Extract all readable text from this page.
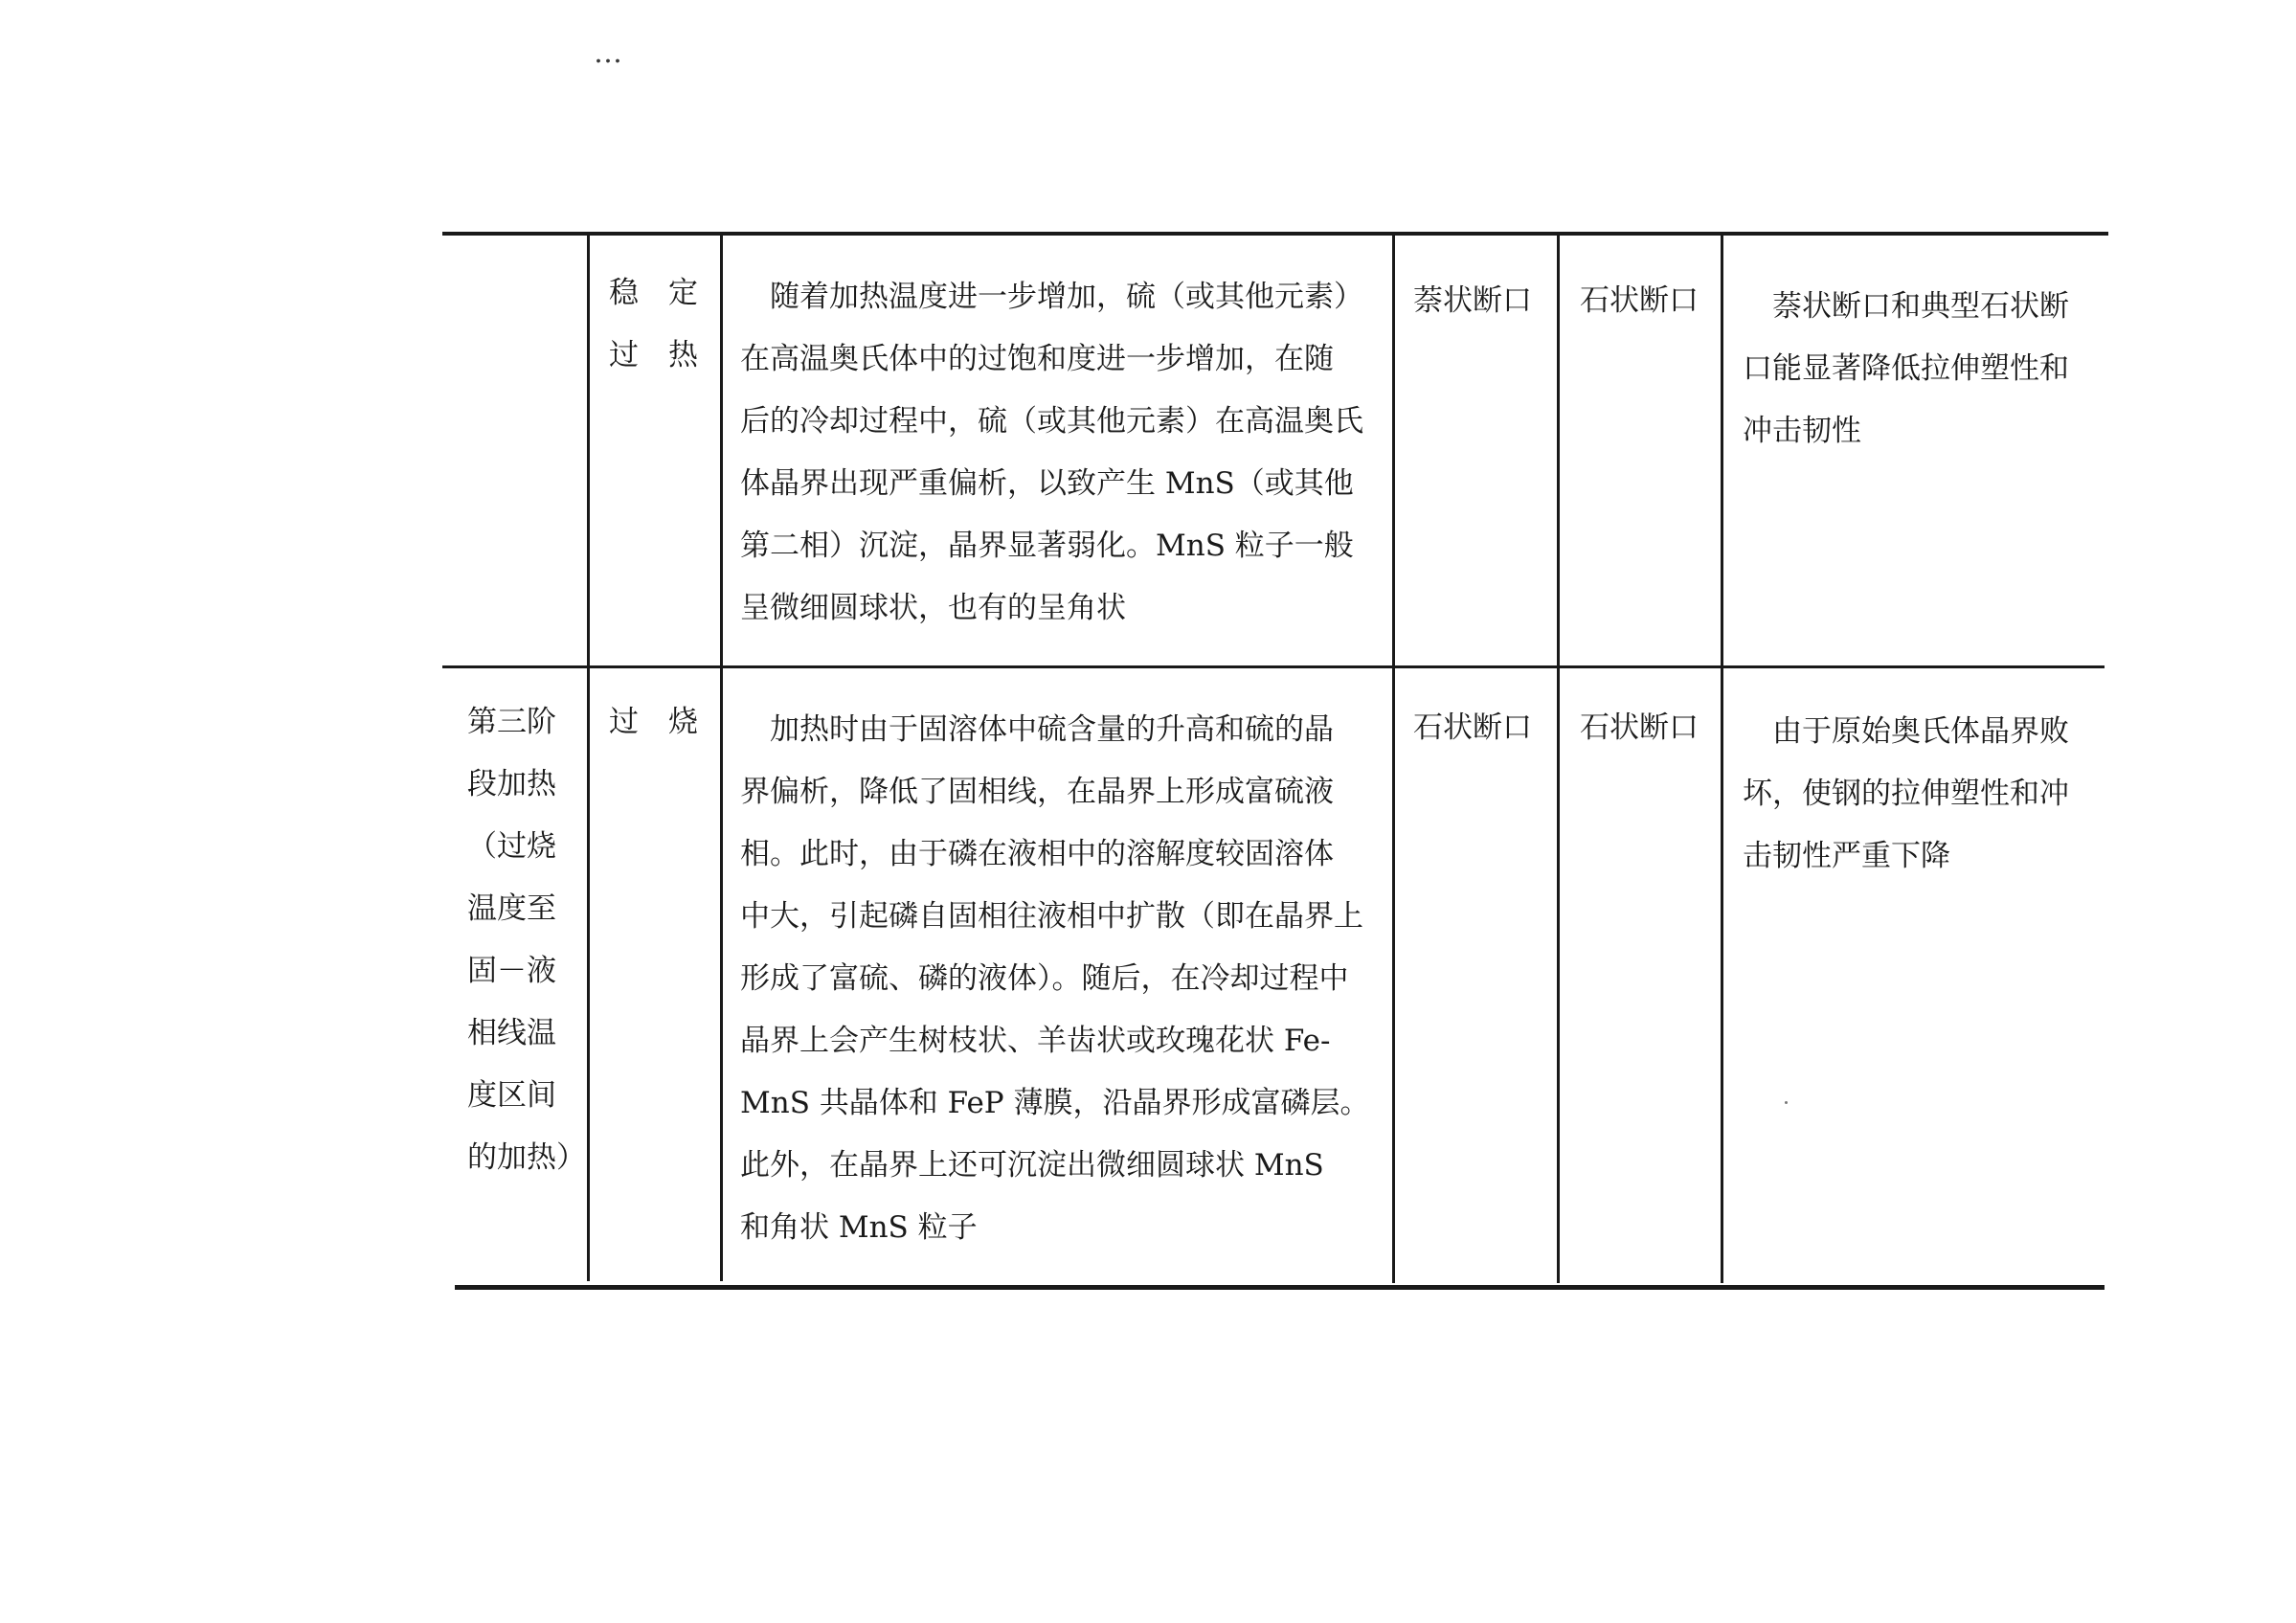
…
稳　定
过　热
　随着加热温度进一步增加，硫（或其他元素）
在高温奥氏体中的过饱和度进一步增加，在随
后的冷却过程中，硫（或其他元素）在高温奥氏
体晶界出现严重偏析，以致产生 MnS（或其他
第二相）沉淀，晶界显著弱化。MnS 粒子一般
呈微细圆球状，也有的呈角状
萘状断口 石状断口 　萘状断口和典型石状断
口能显著降低拉伸塑性和
冲击韧性
第三阶
段加热
（过烧
温度至
固－液
相线温
度区间
的加热）
过　烧 　加热时由于固溶体中硫含量的升高和硫的晶
界偏析，降低了固相线，在晶界上形成富硫液
相。此时，由于磷在液相中的溶解度较固溶体
中大，引起磷自固相往液相中扩散（即在晶界上
形成了富硫、磷的液体）。随后，在冷却过程中
晶界上会产生树枝状、羊齿状或玫瑰花状 Fe-
MnS 共晶体和 FeP 薄膜，沿晶界形成富磷层。
此外，在晶界上还可沉淀出微细圆球状 MnS
和角状 MnS 粒子
石状断口 石状断口 　由于原始奥氏体晶界败
坏，使钢的拉伸塑性和冲
击韧性严重下降
